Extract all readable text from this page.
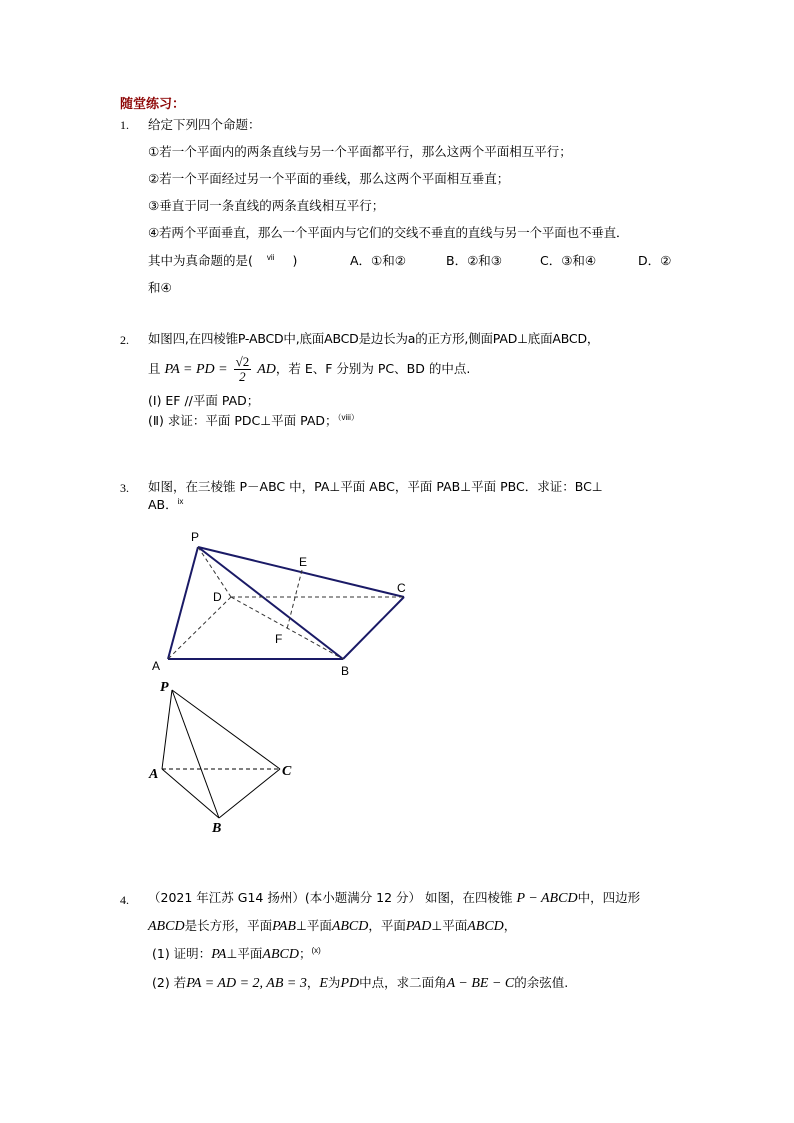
随堂练习：
1. 给定下列四个命题：
①若一个平面内的两条直线与另一个平面都平行，那么这两个平面相互平行；
②若一个平面经过另一个平面的垂线，那么这两个平面相互垂直；
③垂直于同一条直线的两条直线相互平行；
④若两个平面垂直，那么一个平面内与它们的交线不垂直的直线与另一个平面也不垂直．
其中为真命题的是( $^{vii}$ )	A．①和②	B．②和③	C．③和④	D．②
和④
2. 如图四,在四棱锥P-ABCD中,底面ABCD是边长为a的正方形,侧面PAD⊥底面ABCD，
且 PA = PD = $\frac{√2}{2}$ AD，若 E、F 分别为 PC、BD 的中点.
(Ⅰ) EF //平面 PAD；
(Ⅱ) 求证：平面 PDC⊥平面 PAD；$^{(viii)}$
3. 如图，在三棱锥 P－ABC 中，PA⊥平面 ABC，平面 PAB⊥平面 PBC．求证：BC⊥
AB．$^{ix}$
P
E
C
D
F
A	B
P
A	C
B
4. （2021 年江苏 G14 扬州）(本小题满分 12 分） 如图，在四棱锥 P − ABCD中，四边形
ABCD是长方形，平面PAB⊥平面ABCD，平面PAD⊥平面ABCD，
(1) 证明：PA⊥平面ABCD；$^{(x)}$
(2) 若PA = AD = 2, AB = 3，E为PD中点，求二面角A − BE − C的余弦值.
